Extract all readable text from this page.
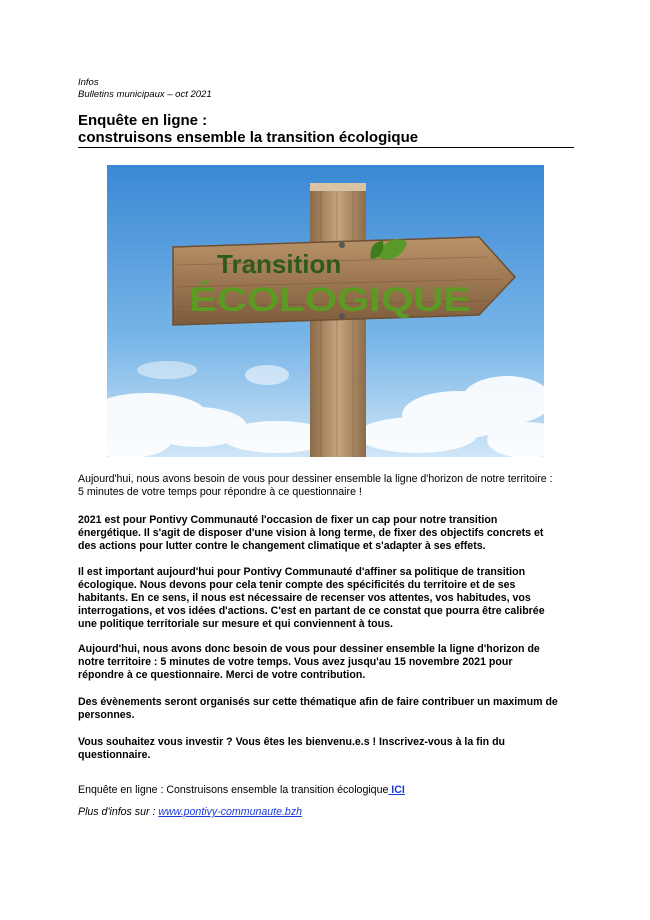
Infos
Bulletins municipaux – oct 2021
Enquête en ligne :
construisons ensemble la transition écologique
Transition
ÉCOLOGIQUE
Aujourd'hui, nous avons besoin de vous pour dessiner ensemble la ligne d'horizon de notre territoire :
5 minutes de votre temps pour répondre à ce questionnaire !
2021 est pour Pontivy Communauté l'occasion de fixer un cap pour notre transition
énergétique. Il s'agit de disposer d'une vision à long terme, de fixer des objectifs concrets et
des actions pour lutter contre le changement climatique et s'adapter à ses effets.
Il est important aujourd'hui pour Pontivy Communauté d'affiner sa politique de transition
écologique. Nous devons pour cela tenir compte des spécificités du territoire et de ses
habitants. En ce sens, il nous est nécessaire de recenser vos attentes, vos habitudes, vos
interrogations, et vos idées d'actions. C'est en partant de ce constat que pourra être calibrée
une politique territoriale sur mesure et qui conviennent à tous.
Aujourd'hui, nous avons donc besoin de vous pour dessiner ensemble la ligne d'horizon de
notre territoire : 5 minutes de votre temps. Vous avez jusqu'au 15 novembre 2021 pour
répondre à ce questionnaire. Merci de votre contribution.
Des évènements seront organisés sur cette thématique afin de faire contribuer un maximum de
personnes.
Vous souhaitez vous investir ? Vous êtes les bienvenu.e.s ! Inscrivez-vous à la fin du
questionnaire.
Enquête en ligne : Construisons ensemble la transition écologique ICI
Plus d'infos sur : www.pontivy-communaute.bzh
